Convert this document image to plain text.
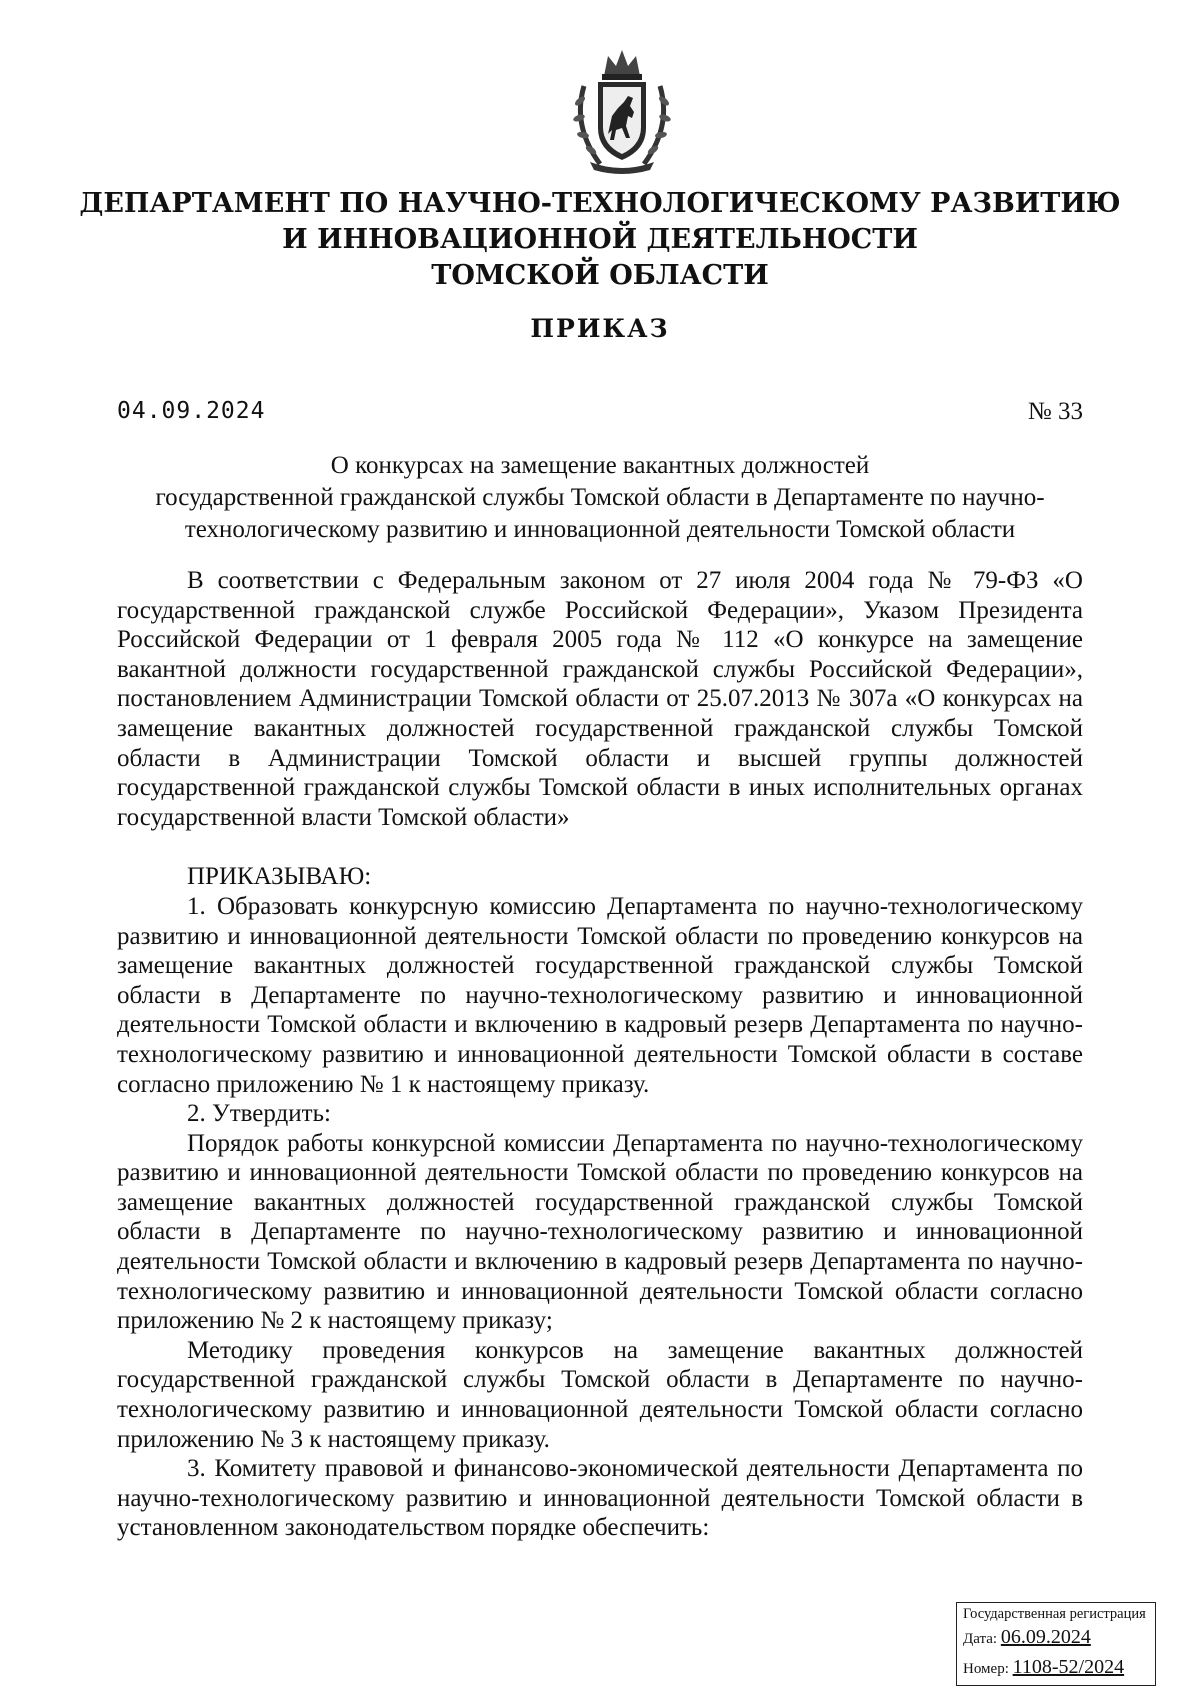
ДЕПАРТАМЕНТ ПО НАУЧНО-ТЕХНОЛОГИЧЕСКОМУ РАЗВИТИЮ
И ИННОВАЦИОННОЙ ДЕЯТЕЛЬНОСТИ
ТОМСКОЙ ОБЛАСТИ
ПРИКАЗ
04.09.2024	№ 33
О конкурсах на замещение вакантных должностей
государственной гражданской службы Томской области в Департаменте по научно-
технологическому развитию и инновационной деятельности Томской области

В соответствии с Федеральным законом от 27 июля 2004 года № 79-ФЗ «О государственной гражданской службе Российской Федерации», Указом Президента Российской Федерации от 1 февраля 2005 года № 112 «О конкурсе на замещение вакантной должности государственной гражданской службы Российской Федерации», постановлением Администрации Томской области от 25.07.2013 № 307а «О конкурсах на замещение вакантных должностей государственной гражданской службы Томской области в Администрации Томской области и высшей группы должностей государственной гражданской службы Томской области в иных исполнительных органах государственной власти Томской области»

ПРИКАЗЫВАЮ:

1. Образовать конкурсную комиссию Департамента по научно-технологическому развитию и инновационной деятельности Томской области по проведению конкурсов на замещение вакантных должностей государственной гражданской службы Томской области в Департаменте по научно-технологическому развитию и инновационной деятельности Томской области и включению в кадровый резерв Департамента по научно-технологическому развитию и инновационной деятельности Томской области в составе согласно приложению № 1 к настоящему приказу.

2. Утвердить:

Порядок работы конкурсной комиссии Департамента по научно-технологическому развитию и инновационной деятельности Томской области по проведению конкурсов на замещение вакантных должностей государственной гражданской службы Томской области в Департаменте по научно-технологическому развитию и инновационной деятельности Томской области и включению в кадровый резерв Департамента по научно-технологическому развитию и инновационной деятельности Томской области согласно приложению № 2 к настоящему приказу;

Методику проведения конкурсов на замещение вакантных должностей государственной гражданской службы Томской области в Департаменте по научно-технологическому развитию и инновационной деятельности Томской области согласно приложению № 3 к настоящему приказу.

3. Комитету правовой и финансово-экономической деятельности Департамента по научно-технологическому развитию и инновационной деятельности Томской области в установленном законодательством порядке обеспечить:

Государственная регистрация
Дата: 06.09.2024
Номер: 1108-52/2024
